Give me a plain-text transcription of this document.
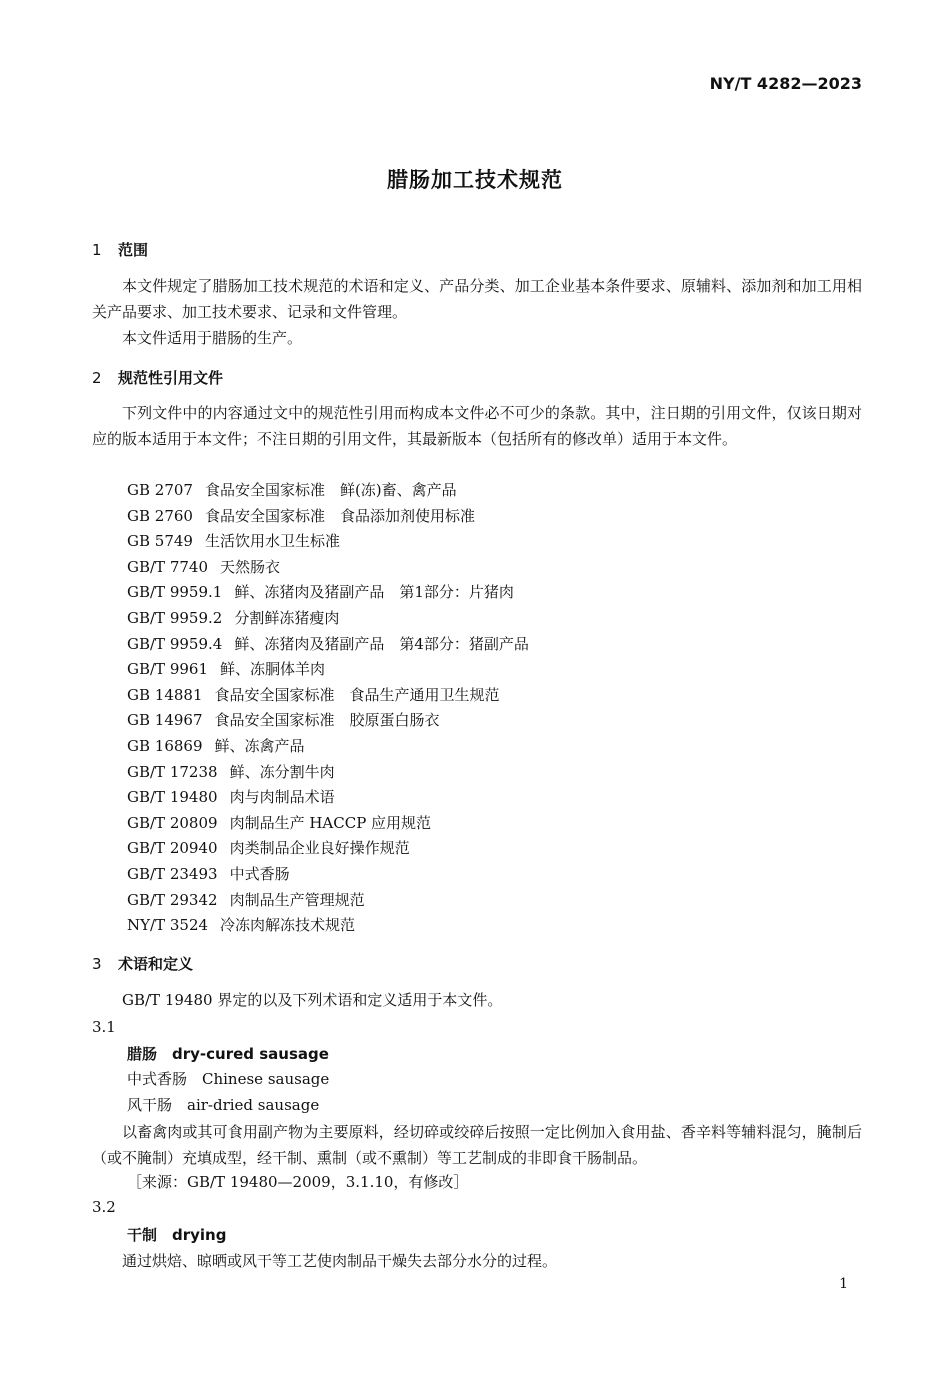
NY/T 4282—2023
腊肠加工技术规范
1 范围
本文件规定了腊肠加工技术规范的术语和定义、产品分类、加工企业基本条件要求、原辅料、添加剂和加工用相关产品要求、加工技术要求、记录和文件管理。
本文件适用于腊肠的生产。
2 规范性引用文件
下列文件中的内容通过文中的规范性引用而构成本文件必不可少的条款。其中，注日期的引用文件，仅该日期对应的版本适用于本文件；不注日期的引用文件，其最新版本（包括所有的修改单）适用于本文件。
GB 2707 食品安全国家标准　鲜(冻)畜、禽产品
GB 2760 食品安全国家标准　食品添加剂使用标准
GB 5749 生活饮用水卫生标准
GB/T 7740 天然肠衣
GB/T 9959.1 鲜、冻猪肉及猪副产品　第1部分：片猪肉
GB/T 9959.2 分割鲜冻猪瘦肉
GB/T 9959.4 鲜、冻猪肉及猪副产品　第4部分：猪副产品
GB/T 9961 鲜、冻胴体羊肉
GB 14881 食品安全国家标准　食品生产通用卫生规范
GB 14967 食品安全国家标准　胶原蛋白肠衣
GB 16869 鲜、冻禽产品
GB/T 17238 鲜、冻分割牛肉
GB/T 19480 肉与肉制品术语
GB/T 20809 肉制品生产 HACCP 应用规范
GB/T 20940 肉类制品企业良好操作规范
GB/T 23493 中式香肠
GB/T 29342 肉制品生产管理规范
NY/T 3524 冷冻肉解冻技术规范
3 术语和定义
GB/T 19480 界定的以及下列术语和定义适用于本文件。
3.1
腊肠　dry-cured sausage
中式香肠　Chinese sausage
风干肠　air-dried sausage
以畜禽肉或其可食用副产物为主要原料，经切碎或绞碎后按照一定比例加入食用盐、香辛料等辅料混匀，腌制后（或不腌制）充填成型，经干制、熏制（或不熏制）等工艺制成的非即食干肠制品。
［来源：GB/T 19480—2009，3.1.10，有修改］
3.2
干制　drying
通过烘焙、晾晒或风干等工艺使肉制品干燥失去部分水分的过程。
1
